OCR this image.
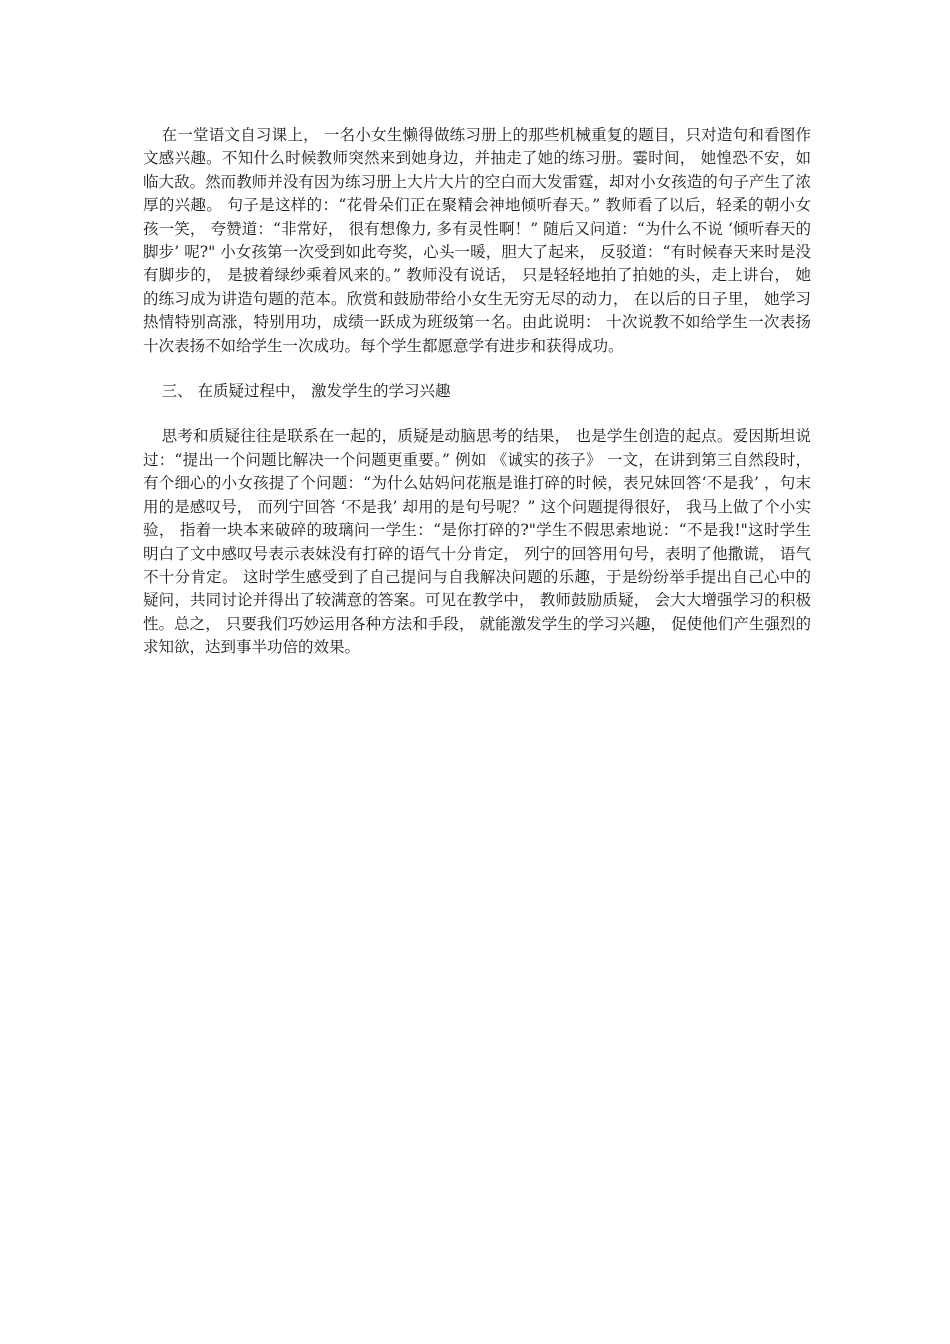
在一堂语文自习课上， 一名小女生懒得做练习册上的那些机械重复的题目，只对造句和看图作文感兴趣。不知什么时候教师突然来到她身边，并抽走了她的练习册。霎时间， 她惶恐不安，如临大敌。然而教师并没有因为练习册上大片大片的空白而大发雷霆，却对小女孩造的句子产生了浓厚的兴趣。 句子是这样的：“花骨朵们正在聚精会神地倾听春天。” 教师看了以后，轻柔的朝小女孩一笑， 夸赞道：“非常好， 很有想像力, 多有灵性啊！” 随后又问道：“为什么不说 ‘倾听春天的脚步’ 呢?" 小女孩第一次受到如此夸奖，心头一暖，胆大了起来， 反驳道：“有时候春天来时是没有脚步的， 是披着绿纱乘着风来的。” 教师没有说话， 只是轻轻地拍了拍她的头，走上讲台， 她的练习成为讲造句题的范本。欣赏和鼓励带给小女生无穷无尽的动力， 在以后的日子里， 她学习热情特别高涨，特别用功，成绩一跃成为班级第一名。由此说明： 十次说教不如给学生一次表扬十次表扬不如给学生一次成功。每个学生都愿意学有进步和获得成功。

三、 在质疑过程中， 激发学生的学习兴趣

思考和质疑往往是联系在一起的，质疑是动脑思考的结果， 也是学生创造的起点。爱因斯坦说过：“提出一个问题比解决一个问题更重要。” 例如 《诚实的孩子》 一文，在讲到第三自然段时， 有个细心的小女孩提了个问题：“为什么姑妈问花瓶是谁打碎的时候，表兄妹回答‘不是我’ ，句末用的是感叹号， 而列宁回答 ‘不是我’ 却用的是句号呢？” 这个问题提得很好， 我马上做了个小实验， 指着一块本来破碎的玻璃问一学生：“是你打碎的?"学生不假思索地说：“不是我!"这时学生明白了文中感叹号表示表妹没有打碎的语气十分肯定， 列宁的回答用句号，表明了他撒谎， 语气不十分肯定。 这时学生感受到了自己提问与自我解决问题的乐趣，于是纷纷举手提出自己心中的疑问，共同讨论并得出了较满意的答案。可见在教学中， 教师鼓励质疑， 会大大增强学习的积极性。总之， 只要我们巧妙运用各种方法和手段， 就能激发学生的学习兴趣， 促使他们产生强烈的求知欲，达到事半功倍的效果。
